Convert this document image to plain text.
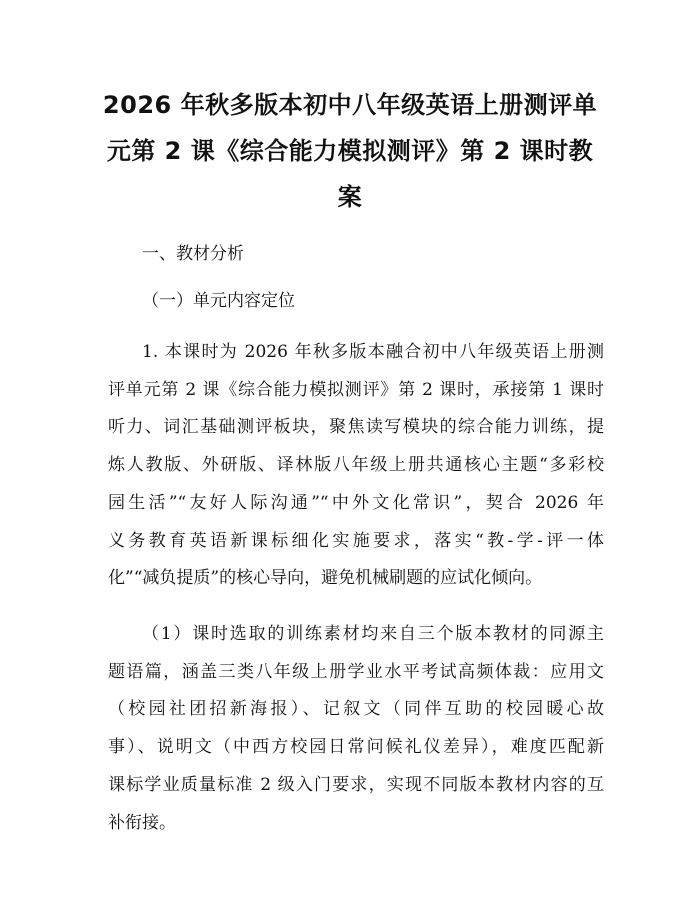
2026 年秋多版本初中八年级英语上册测评单
元第 2 课《综合能力模拟测评》第 2 课时教
案
一、教材分析
（一）单元内容定位
1. 本课时为 2026 年秋多版本融合初中八年级英语上册测
评单元第 2 课《综合能力模拟测评》第 2 课时，承接第 1 课时
听力、词汇基础测评板块，聚焦读写模块的综合能力训练，提
炼人教版、外研版、译林版八年级上册共通核心主题“多彩校
园生活”“友好人际沟通”“中外文化常识”，契合 2026 年
义务教育英语新课标细化实施要求，落实“教-学-评一体
化”“减负提质”的核心导向，避免机械刷题的应试化倾向。
（1）课时选取的训练素材均来自三个版本教材的同源主
题语篇，涵盖三类八年级上册学业水平考试高频体裁：应用文
（校园社团招新海报）、记叙文（同伴互助的校园暖心故
事）、说明文（中西方校园日常问候礼仪差异），难度匹配新
课标学业质量标准 2 级入门要求，实现不同版本教材内容的互
补衔接。
